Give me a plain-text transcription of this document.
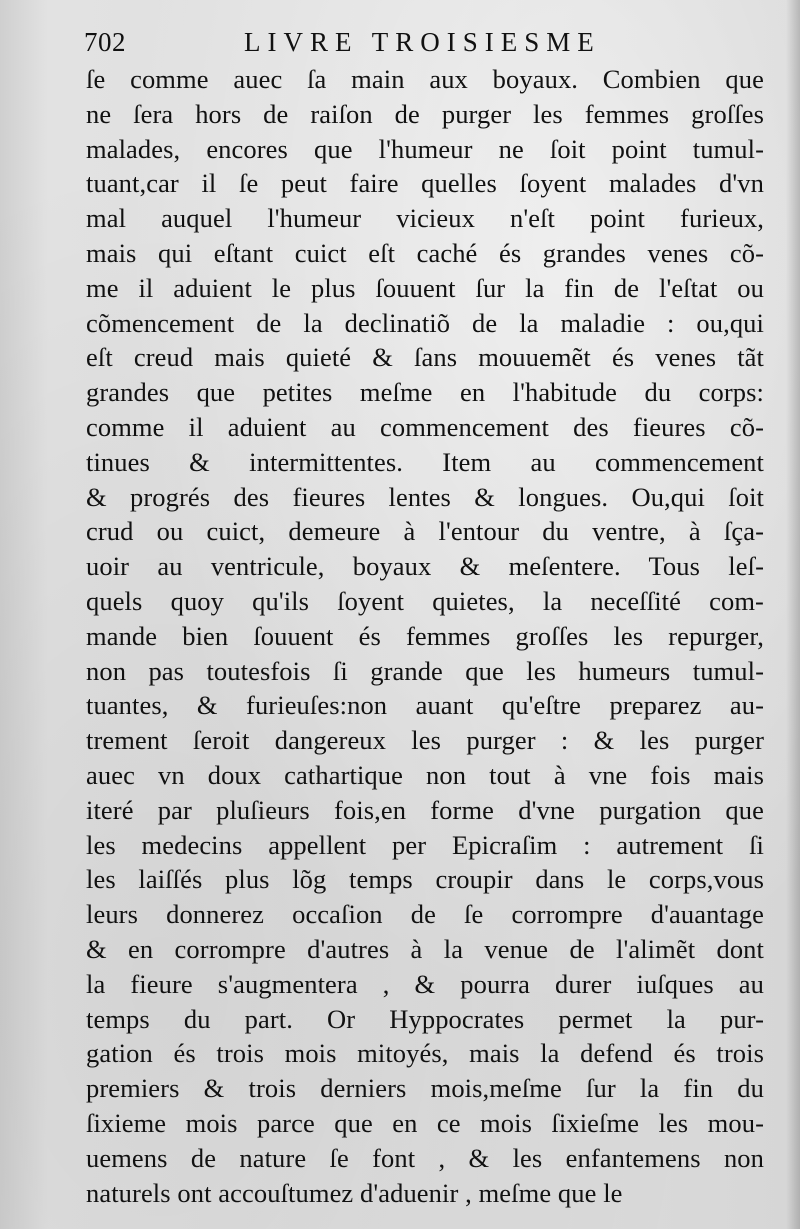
702	LIVRE TROISIESME
ſe comme auec ſa main aux boyaux. Combien que
ne ſera hors de raiſon de purger les femmes groſſes
malades, encores que l'humeur ne ſoit point tumul-
tuant,car il ſe peut faire quelles ſoyent malades d'vn
mal auquel l'humeur vicieux n'eſt point furieux,
mais qui eſtant cuict eſt caché és grandes venes cõ-
me il aduient le plus ſouuent ſur la fin de l'eſtat ou
cõmencement de la declinatiõ de la maladie : ou,qui
eſt creud mais quieté & ſans mouuemẽt és venes tãt
grandes que petites meſme en l'habitude du corps:
comme il aduient au commencement des fieures cõ-
tinues & intermittentes. Item au commencement
& progrés des fieures lentes & longues. Ou,qui ſoit
crud ou cuict, demeure à l'entour du ventre, à ſça-
uoir au ventricule, boyaux & meſentere. Tous leſ-
quels quoy qu'ils ſoyent quietes, la neceſſité com-
mande bien ſouuent és femmes groſſes les repurger,
non pas toutesfois ſi grande que les humeurs tumul-
tuantes, & furieuſes:non auant qu'eſtre preparez au-
trement ſeroit dangereux les purger : & les purger
auec vn doux cathartique non tout à vne fois mais
iteré par pluſieurs fois,en forme d'vne purgation que
les medecins appellent per Epicraſim : autrement ſi
les laiſſés plus lõg temps croupir dans le corps,vous
leurs donnerez occaſion de ſe corrompre d'auantage
& en corrompre d'autres à la venue de l'alimẽt dont
la fieure s'augmentera , & pourra durer iuſques au
temps du part. Or Hyppocrates permet la pur-
gation és trois mois mitoyés, mais la defend és trois
premiers & trois derniers mois,meſme ſur la fin du
ſixieme mois parce que en ce mois ſixieſme les mou-
uemens de nature ſe font , & les enfantemens non
naturels ont accouſtumez d'aduenir , meſme que le
